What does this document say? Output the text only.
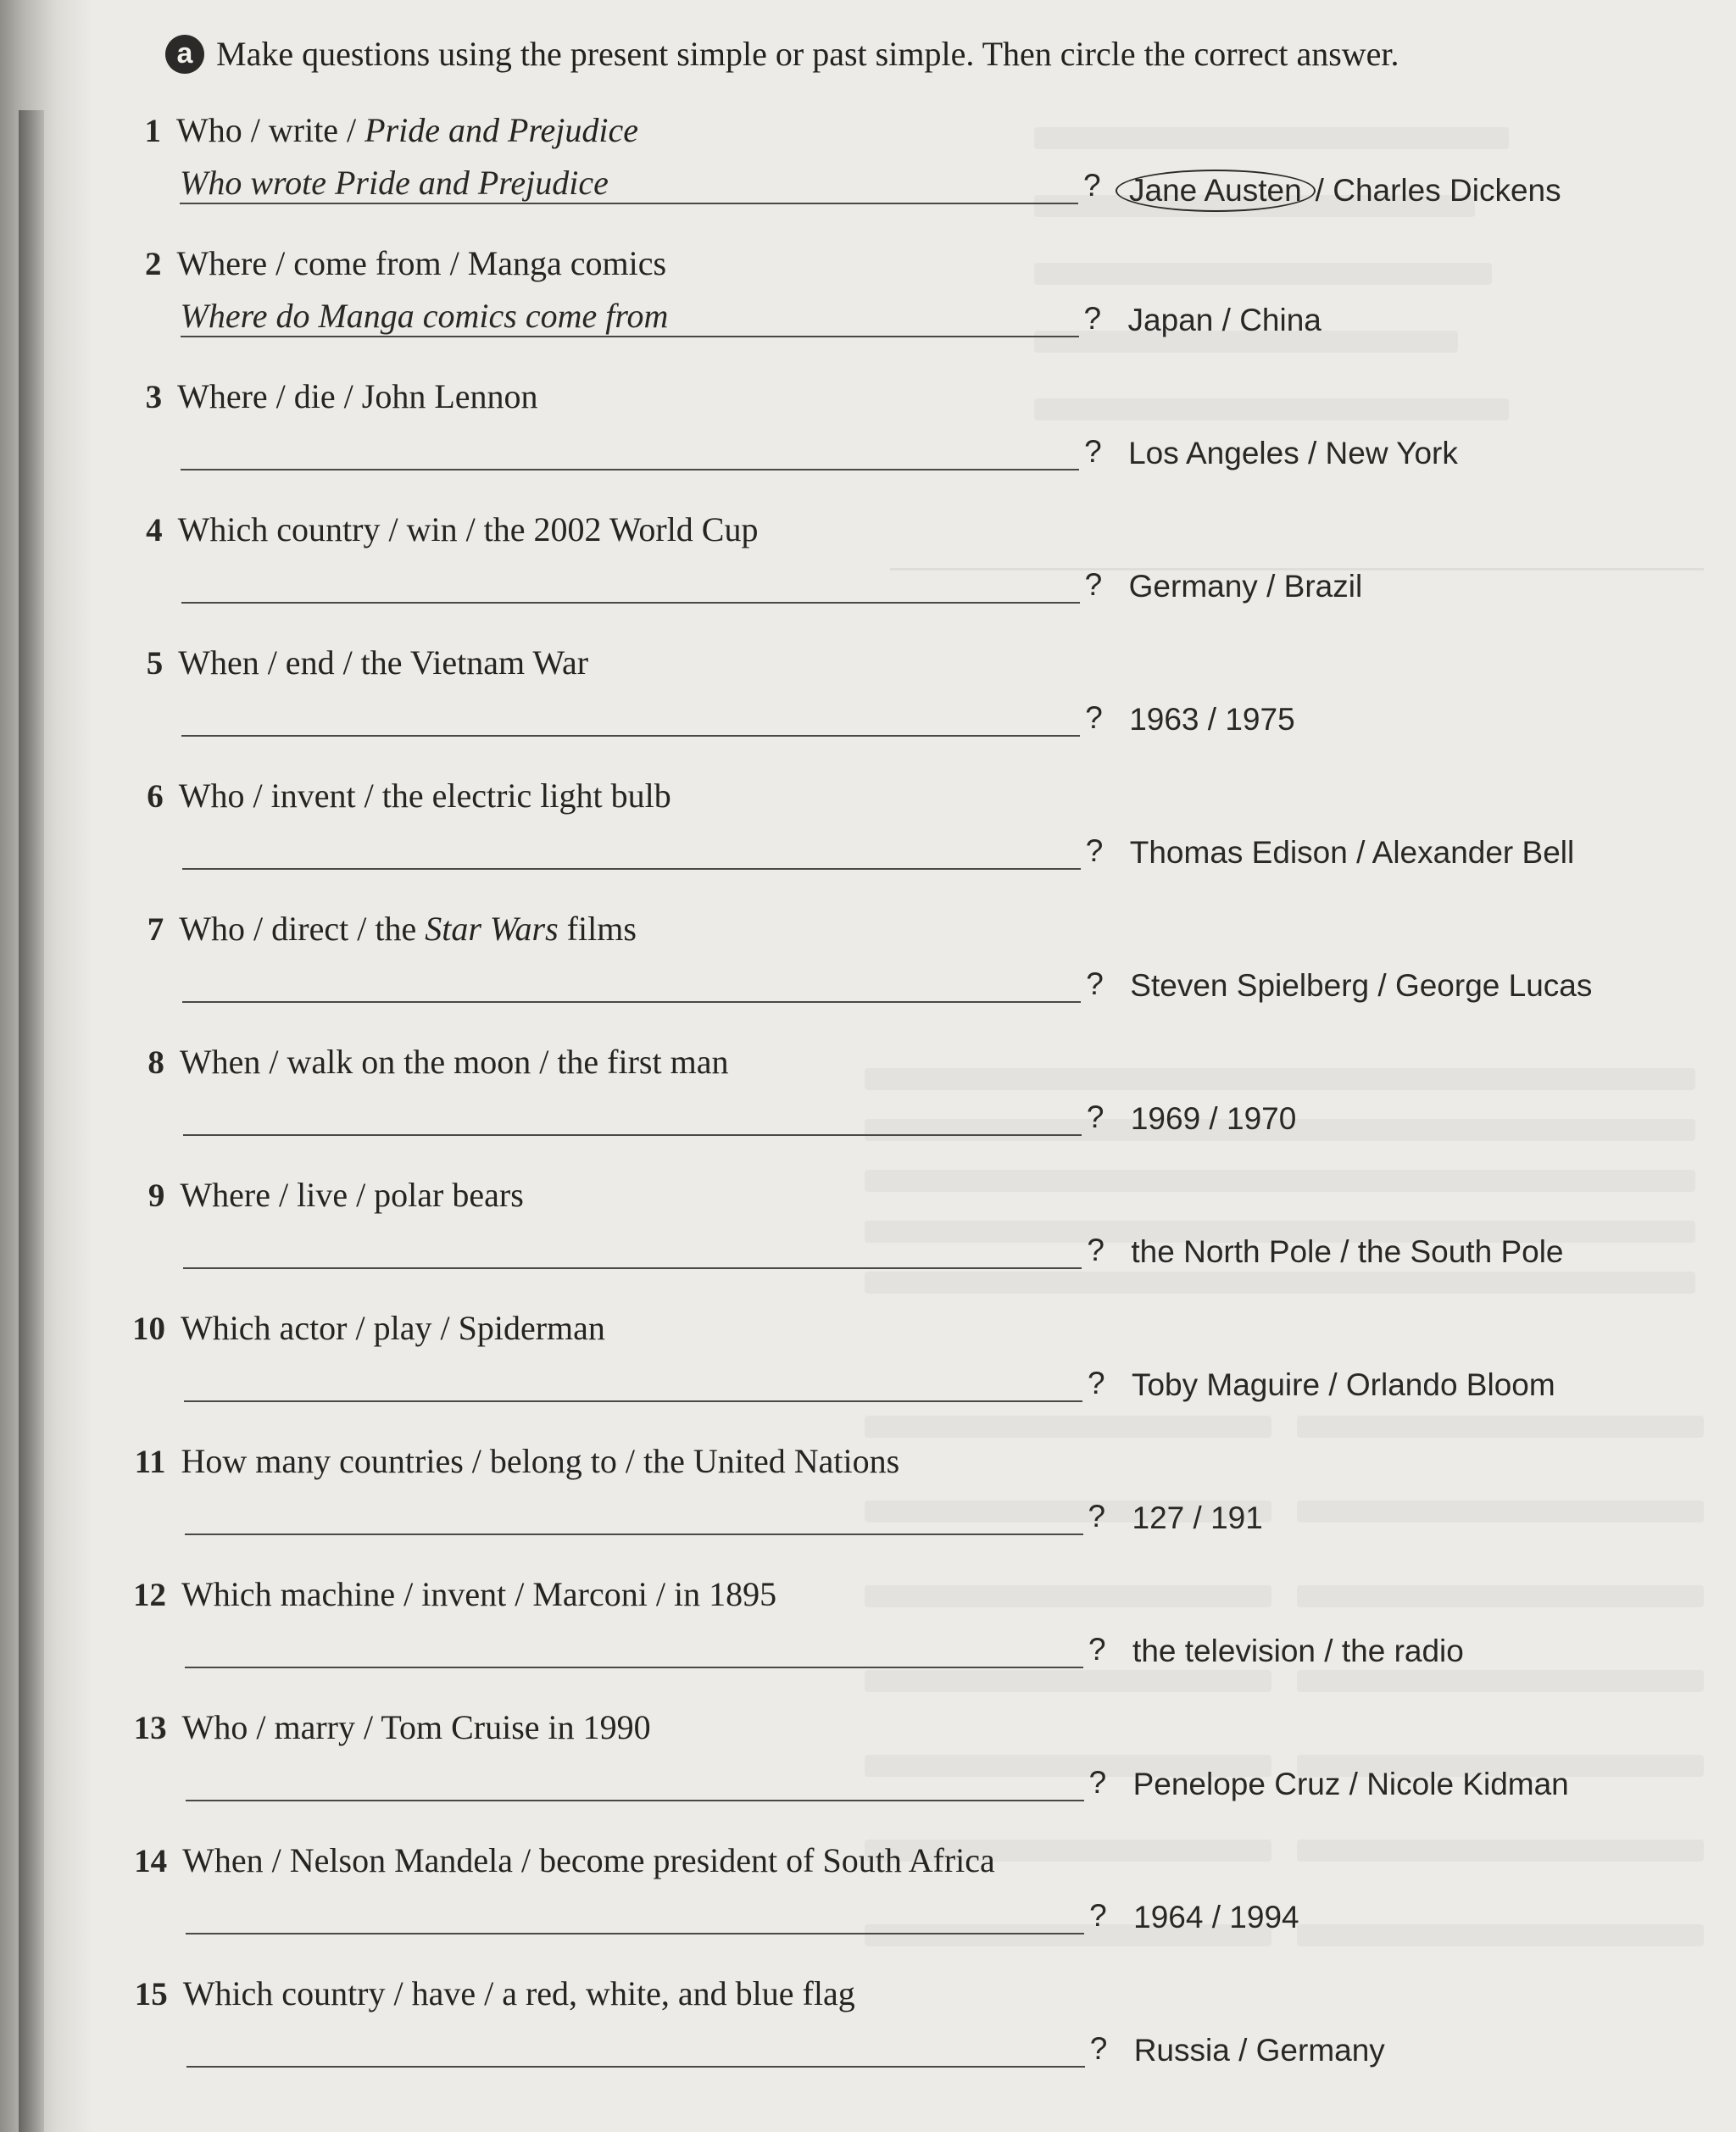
a Make questions using the present simple or past simple. Then circle the correct answer.
1 Who / write / Pride and Prejudice
Who wrote Pride and Prejudice	? Jane Austen / Charles Dickens
2 Where / come from / Manga comics
Where do Manga comics come from	? Japan / China
3 Where / die / John Lennon
? Los Angeles / New York
4 Which country / win / the 2002 World Cup
? Germany / Brazil
5 When / end / the Vietnam War
? 1963 / 1975
6 Who / invent / the electric light bulb
? Thomas Edison / Alexander Bell
7 Who / direct / the Star Wars films
? Steven Spielberg / George Lucas
8 When / walk on the moon / the first man
? 1969 / 1970
9 Where / live / polar bears
? the North Pole / the South Pole
10 Which actor / play / Spiderman
? Toby Maguire / Orlando Bloom
11 How many countries / belong to / the United Nations
? 127 / 191
12 Which machine / invent / Marconi / in 1895
? the television / the radio
13 Who / marry / Tom Cruise in 1990
? Penelope Cruz / Nicole Kidman
14 When / Nelson Mandela / become president of South Africa
? 1964 / 1994
15 Which country / have / a red, white, and blue flag
? Russia / Germany
